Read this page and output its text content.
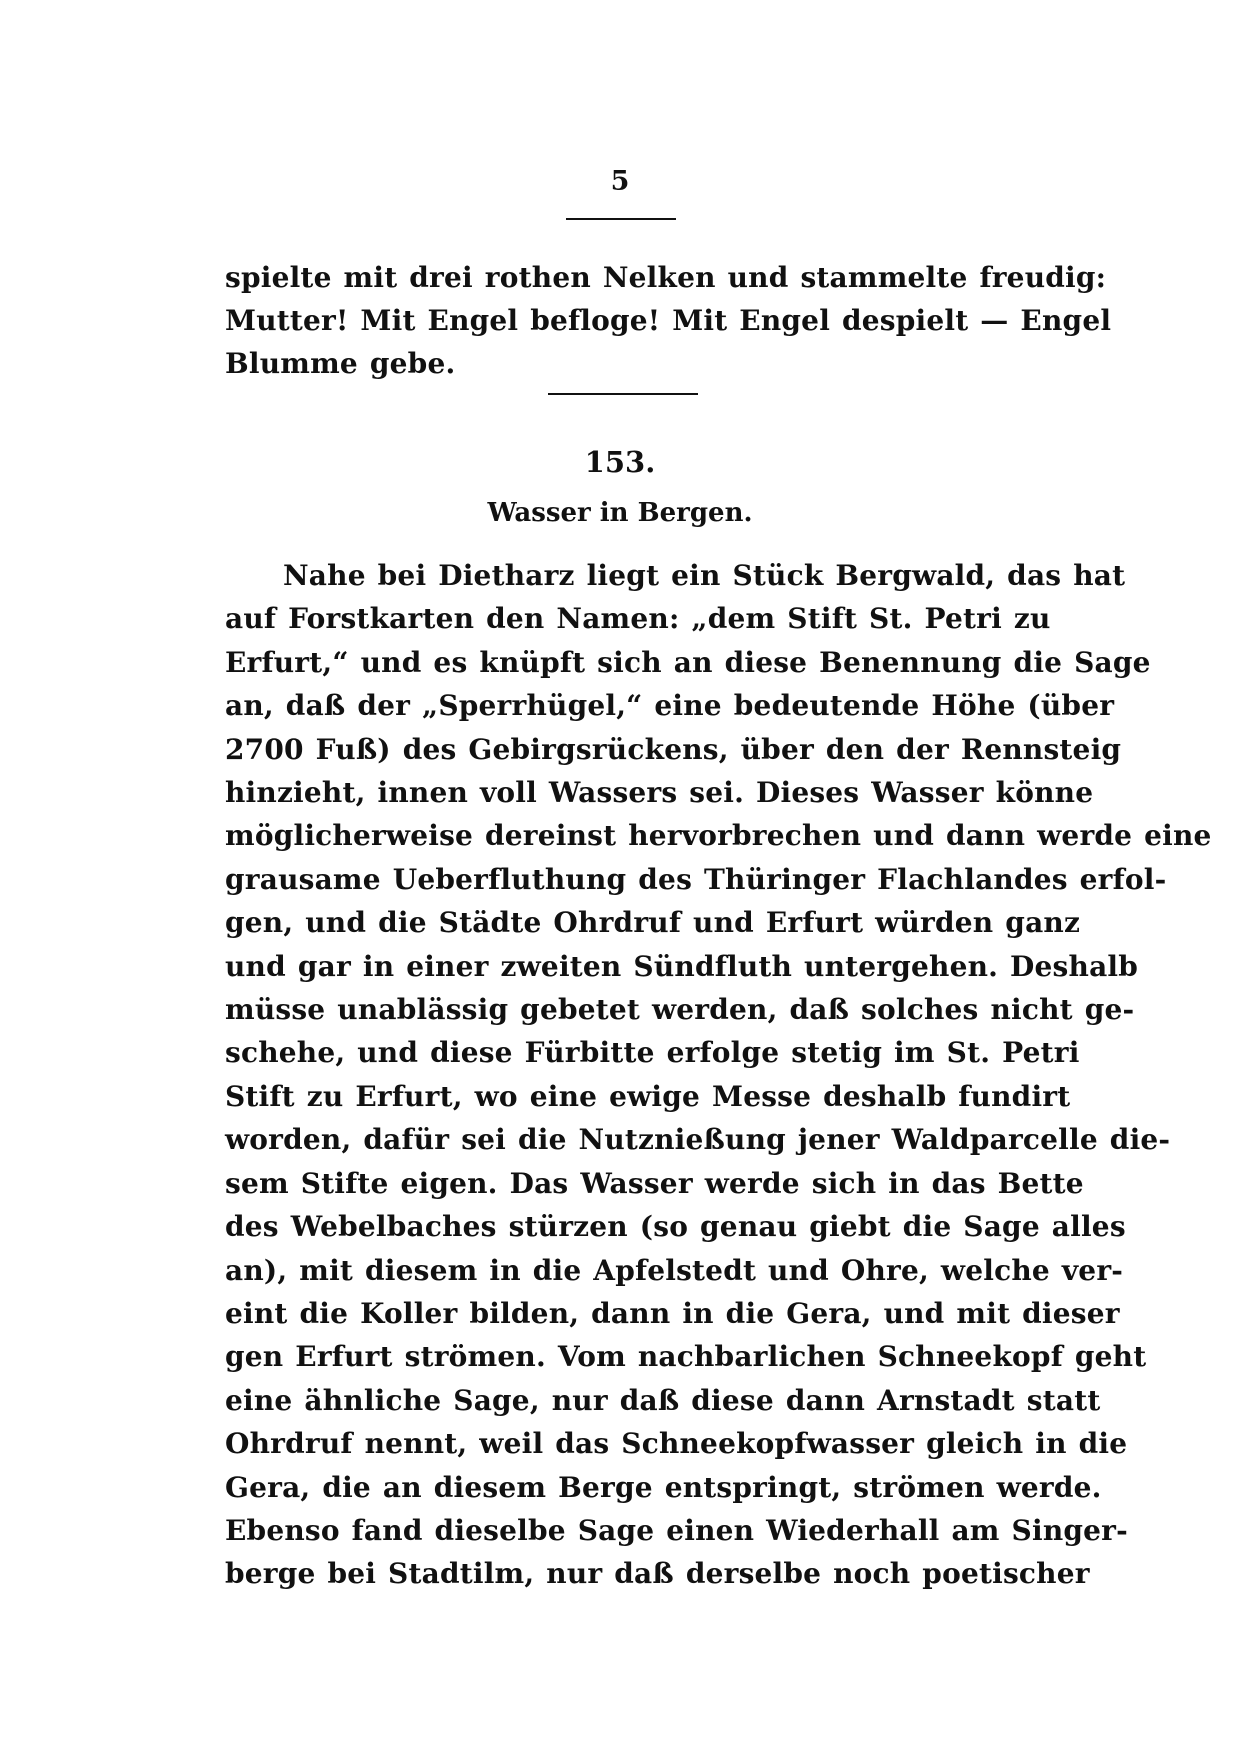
5
spielte mit drei rothen Nelken und stammelte freudig:
Mutter! Mit Engel befloge! Mit Engel despielt — Engel
Blumme gebe.
153.
Wasser in Bergen.
Nahe bei Dietharz liegt ein Stück Bergwald, das hat
auf Forstkarten den Namen: „dem Stift St. Petri zu
Erfurt,“ und es knüpft sich an diese Benennung die Sage
an, daß der „Sperrhügel,“ eine bedeutende Höhe (über
2700 Fuß) des Gebirgsrückens, über den der Rennsteig
hinzieht, innen voll Wassers sei. Dieses Wasser könne
möglicherweise dereinst hervorbrechen und dann werde eine
grausame Ueberfluthung des Thüringer Flachlandes erfol-
gen, und die Städte Ohrdruf und Erfurt würden ganz
und gar in einer zweiten Sündfluth untergehen. Deshalb
müsse unablässig gebetet werden, daß solches nicht ge-
schehe, und diese Fürbitte erfolge stetig im St. Petri
Stift zu Erfurt, wo eine ewige Messe deshalb fundirt
worden, dafür sei die Nutznießung jener Waldparcelle die-
sem Stifte eigen. Das Wasser werde sich in das Bette
des Webelbaches stürzen (so genau giebt die Sage alles
an), mit diesem in die Apfelstedt und Ohre, welche ver-
eint die Koller bilden, dann in die Gera, und mit dieser
gen Erfurt strömen. Vom nachbarlichen Schneekopf geht
eine ähnliche Sage, nur daß diese dann Arnstadt statt
Ohrdruf nennt, weil das Schneekopfwasser gleich in die
Gera, die an diesem Berge entspringt, strömen werde.
Ebenso fand dieselbe Sage einen Wiederhall am Singer-
berge bei Stadtilm, nur daß derselbe noch poetischer
